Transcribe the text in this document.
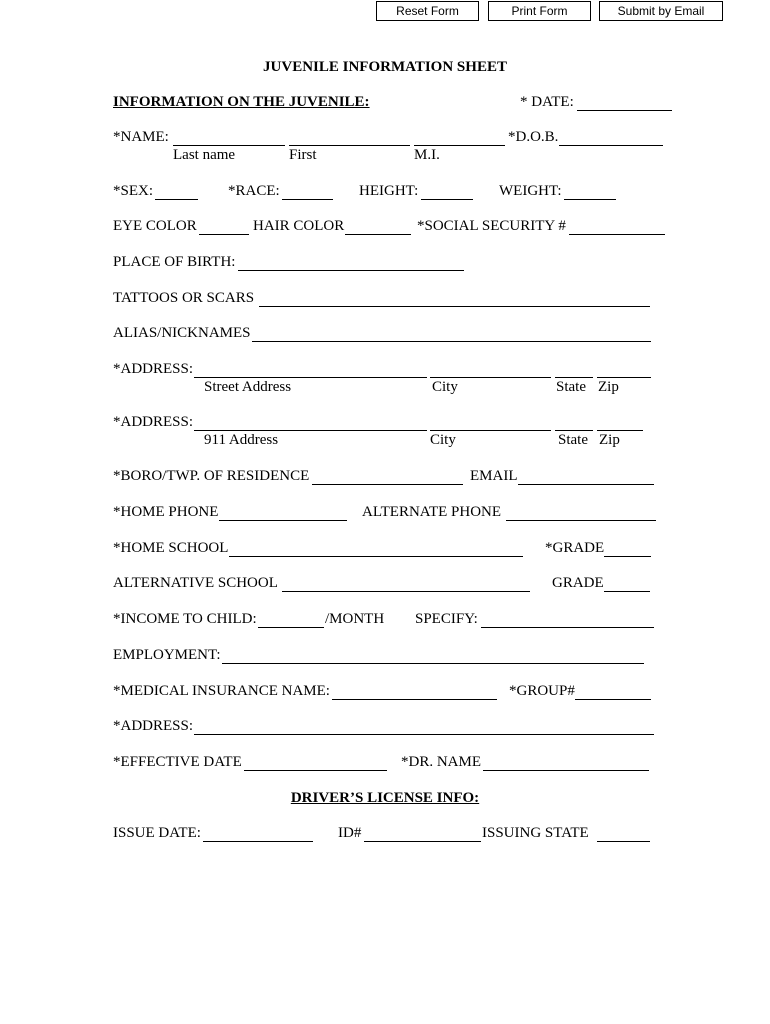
Reset Form	Print Form	Submit by Email
JUVENILE INFORMATION SHEET
INFORMATION ON THE JUVENILE:	* DATE:
*NAME:	*D.O.B.
Last name	First	M.I.
*SEX:	*RACE:	HEIGHT:	WEIGHT:
EYE COLOR	HAIR COLOR	*SOCIAL SECURITY #
PLACE OF BIRTH:
TATTOOS OR SCARS
ALIAS/NICKNAMES
*ADDRESS:
Street Address	City	State Zip
*ADDRESS:
911 Address	City	State Zip
*BORO/TWP. OF RESIDENCE	EMAIL
*HOME PHONE	ALTERNATE PHONE
*HOME SCHOOL	*GRADE
ALTERNATIVE SCHOOL	GRADE
*INCOME TO CHILD:	/MONTH SPECIFY:
EMPLOYMENT:
*MEDICAL INSURANCE NAME:	*GROUP#
*ADDRESS:
*EFFECTIVE DATE	*DR. NAME
DRIVER’S LICENSE INFO:
ISSUE DATE:	ID#	ISSUING STATE
